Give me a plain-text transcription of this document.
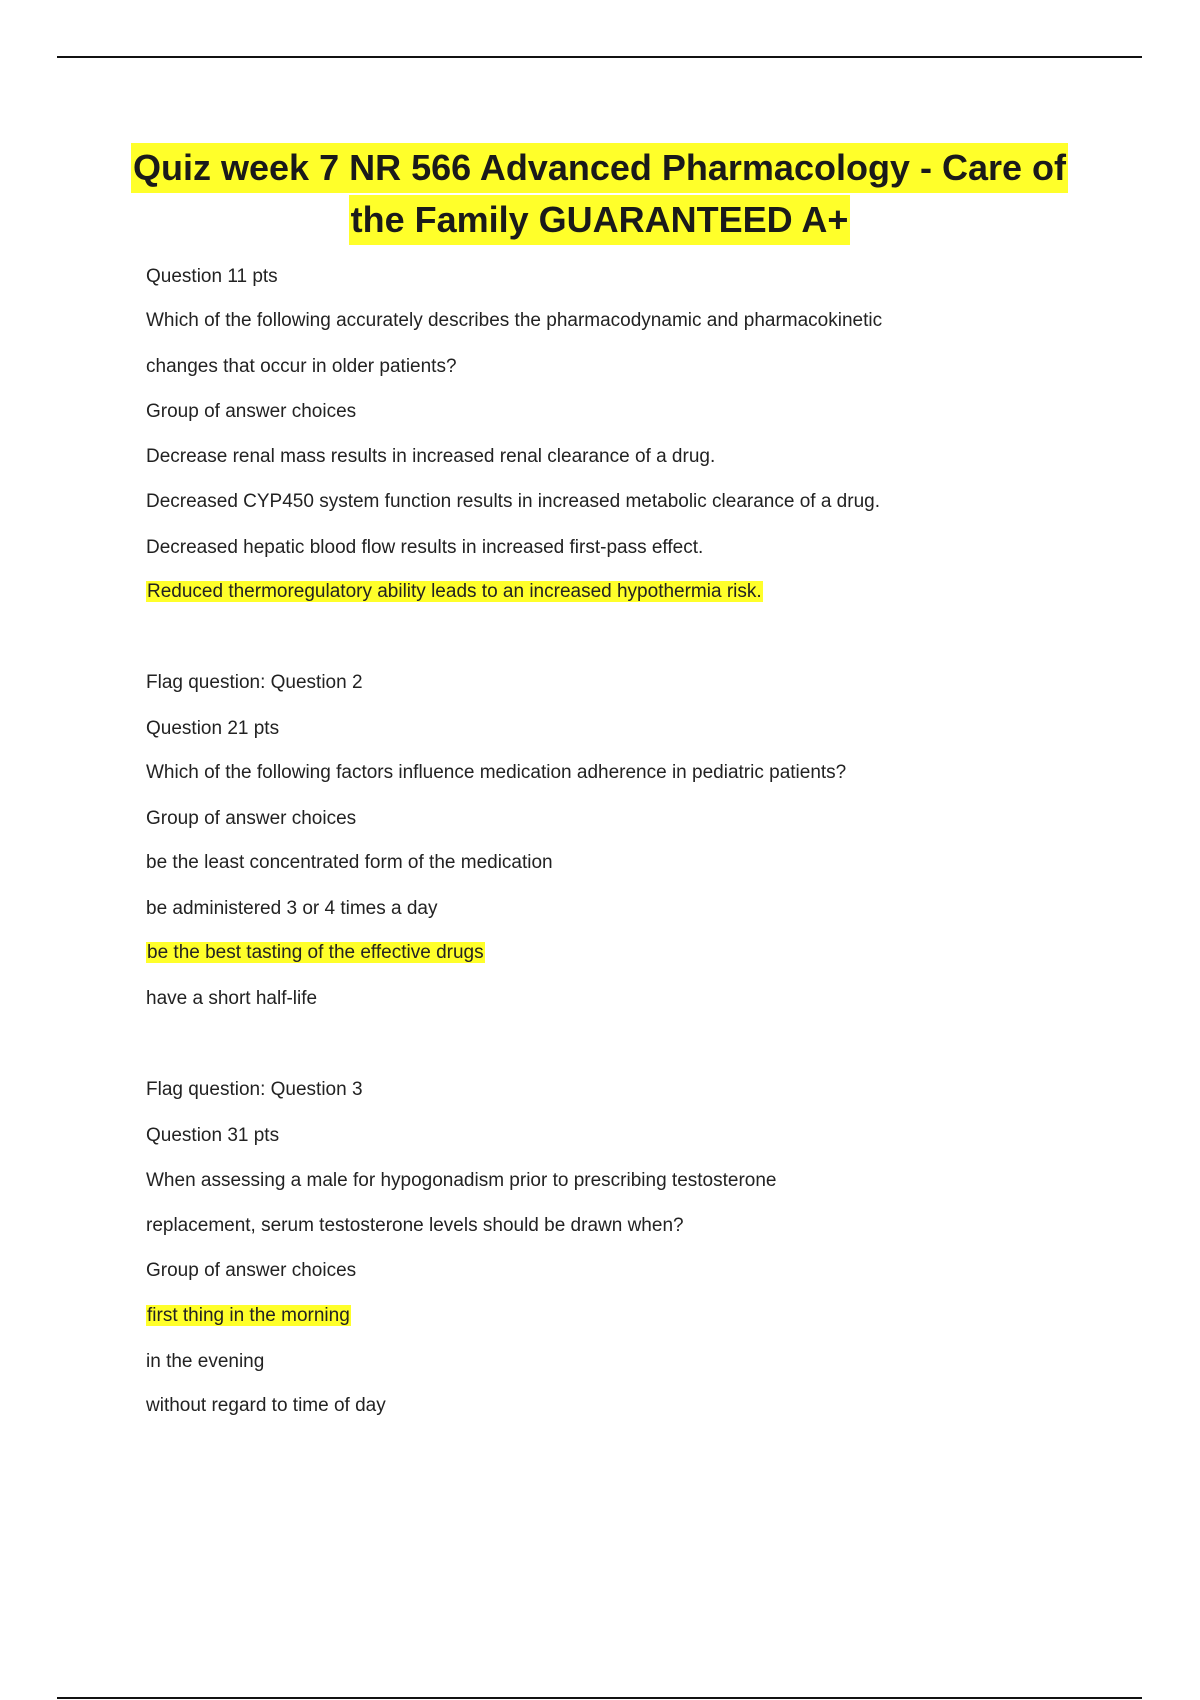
Quiz week 7 NR 566 Advanced Pharmacology - Care of
the Family GUARANTEED A+
Question 11 pts
Which of the following accurately describes the pharmacodynamic and pharmacokinetic
changes that occur in older patients?
Group of answer choices
Decrease renal mass results in increased renal clearance of a drug.
Decreased CYP450 system function results in increased metabolic clearance of a drug.
Decreased hepatic blood flow results in increased first-pass effect.
Reduced thermoregulatory ability leads to an increased hypothermia risk.
Flag question: Question 2
Question 21 pts
Which of the following factors influence medication adherence in pediatric patients?
Group of answer choices
be the least concentrated form of the medication
be administered 3 or 4 times a day
be the best tasting of the effective drugs
have a short half-life
Flag question: Question 3
Question 31 pts
When assessing a male for hypogonadism prior to prescribing testosterone
replacement, serum testosterone levels should be drawn when?
Group of answer choices
first thing in the morning
in the evening
without regard to time of day
